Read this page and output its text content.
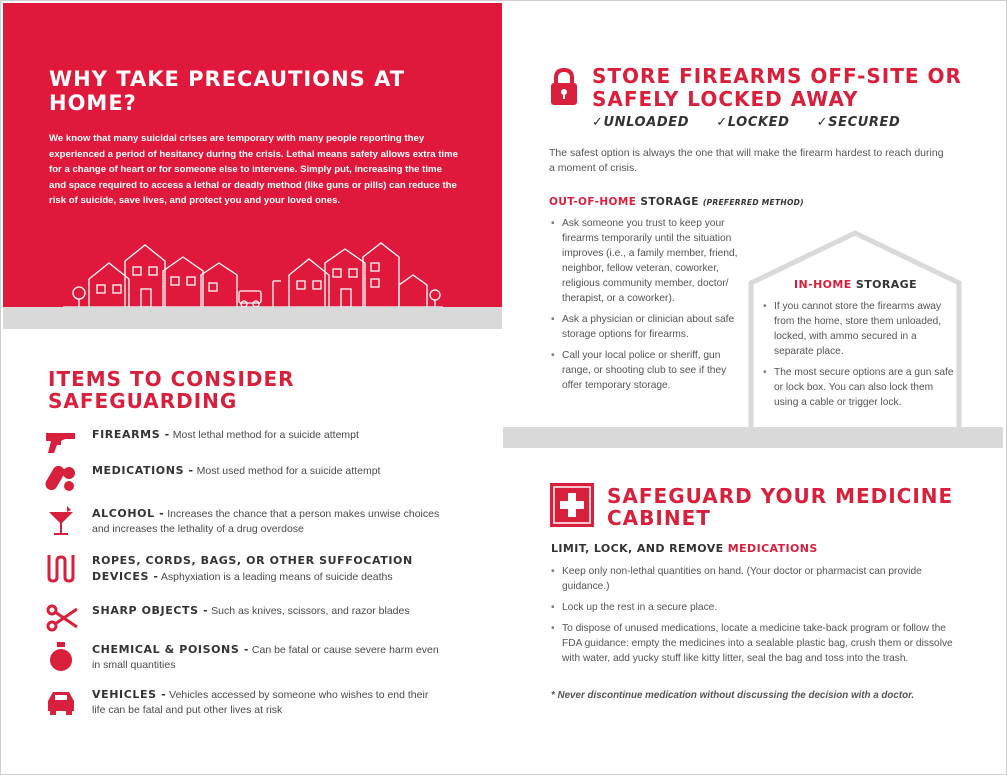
WHY TAKE PRECAUTIONS AT HOME?
We know that many suicidal crises are temporary with many people reporting they experienced a period of hesitancy during the crisis. Lethal means safety allows extra time for a change of heart or for someone else to intervene. Simply put, increasing the time and space required to access a lethal or deadly method (like guns or pills) can reduce the risk of suicide, save lives, and protect you and your loved ones.
ITEMS TO CONSIDER SAFEGUARDING
FIREARMS - Most lethal method for a suicide attempt
MEDICATIONS - Most used method for a suicide attempt
ALCOHOL - Increases the chance that a person makes unwise choices and increases the lethality of a drug overdose
ROPES, CORDS, BAGS, OR OTHER SUFFOCATION DEVICES - Asphyxiation is a leading means of suicide deaths
SHARP OBJECTS - Such as knives, scissors, and razor blades
CHEMICAL & POISONS - Can be fatal or cause severe harm even in small quantities
VEHICLES - Vehicles accessed by someone who wishes to end their life can be fatal and put other lives at risk
STORE FIREARMS OFF-SITE OR SAFELY LOCKED AWAY
✓UNLOADED ✓LOCKED ✓SECURED
The safest option is always the one that will make the firearm hardest to reach during a moment of crisis.
OUT-OF-HOME STORAGE (PREFERRED METHOD)
• Ask someone you trust to keep your firearms temporarily until the situation improves (i.e., a family member, friend, neighbor, fellow veteran, coworker, religious community member, doctor/ therapist, or a coworker).
• Ask a physician or clinician about safe storage options for firearms.
• Call your local police or sheriff, gun range, or shooting club to see if they offer temporary storage.
IN-HOME STORAGE
• If you cannot store the firearms away from the home, store them unloaded, locked, with ammo secured in a separate place.
• The most secure options are a gun safe or lock box. You can also lock them using a cable or trigger lock.
SAFEGUARD YOUR MEDICINE CABINET
LIMIT, LOCK, AND REMOVE MEDICATIONS
• Keep only non-lethal quantities on hand. (Your doctor or pharmacist can provide guidance.)
• Lock up the rest in a secure place.
• To dispose of unused medications, locate a medicine take-back program or follow the FDA guidance: empty the medicines into a sealable plastic bag, crush them or dissolve with water, add yucky stuff like kitty litter, seal the bag and toss into the trash.
* Never discontinue medication without discussing the decision with a doctor.
